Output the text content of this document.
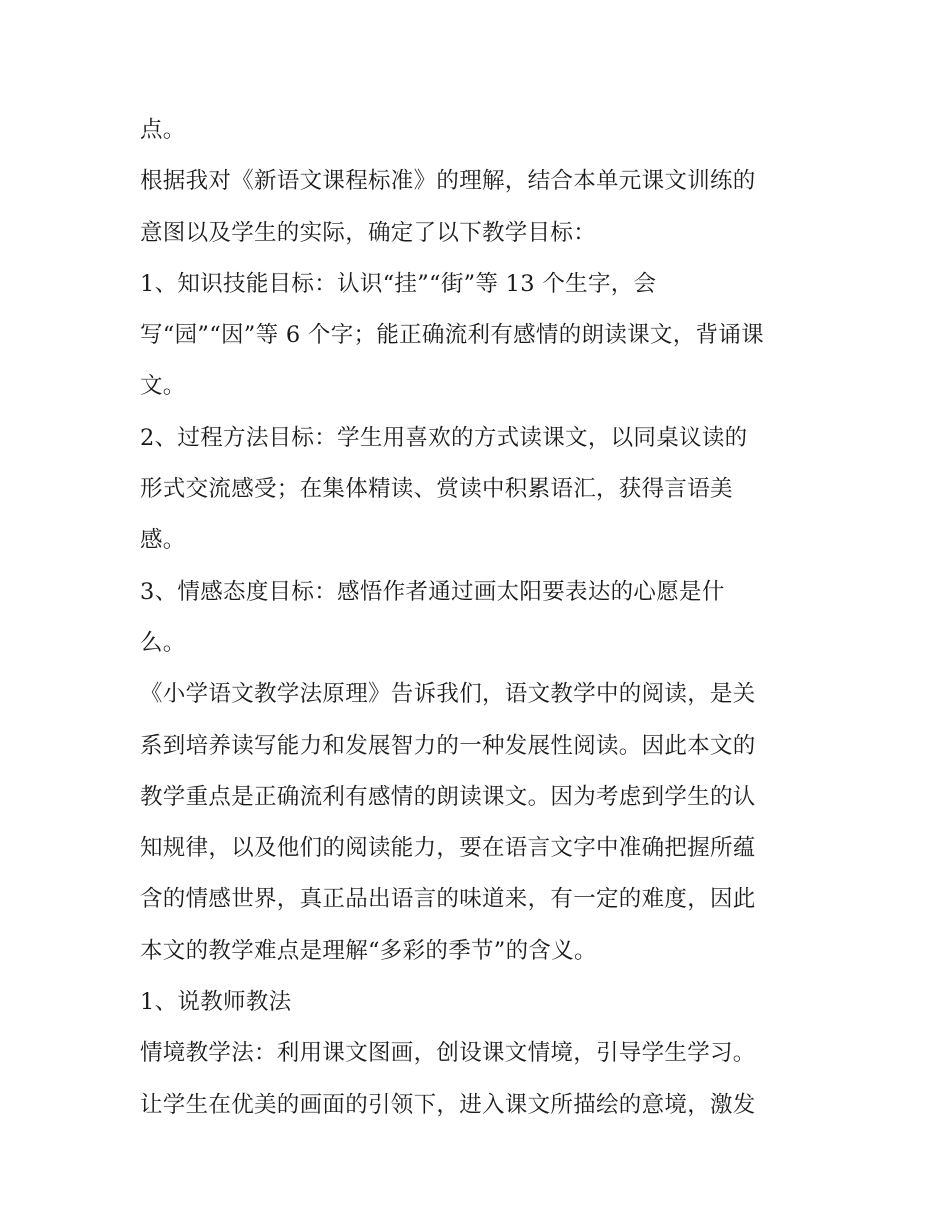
点。
根据我对《新语文课程标准》的理解，结合本单元课文训练的
意图以及学生的实际，确定了以下教学目标：
1、知识技能目标：认识“挂”“街”等 13 个生字，会
写“园”“因”等 6 个字；能正确流利有感情的朗读课文，背诵课
文。
2、过程方法目标：学生用喜欢的方式读课文，以同桌议读的
形式交流感受；在集体精读、赏读中积累语汇，获得言语美
感。
3、情感态度目标：感悟作者通过画太阳要表达的心愿是什
么。
《小学语文教学法原理》告诉我们，语文教学中的阅读，是关
系到培养读写能力和发展智力的一种发展性阅读。因此本文的
教学重点是正确流利有感情的朗读课文。因为考虑到学生的认
知规律，以及他们的阅读能力，要在语言文字中准确把握所蕴
含的情感世界，真正品出语言的味道来，有一定的难度，因此
本文的教学难点是理解“多彩的季节”的含义。
1、说教师教法
情境教学法：利用课文图画，创设课文情境，引导学生学习。
让学生在优美的画面的引领下，进入课文所描绘的意境，激发
